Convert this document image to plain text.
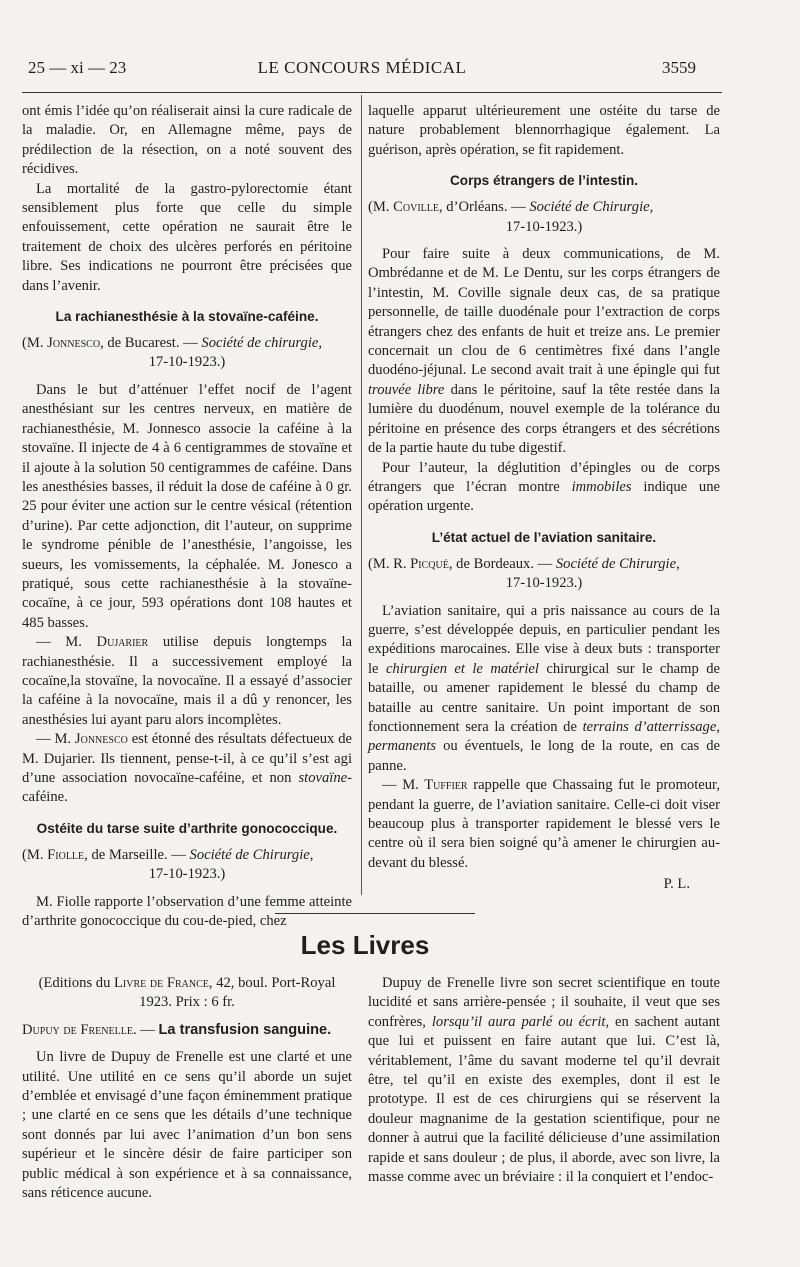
25 — xi — 23	LE CONCOURS MÉDICAL	3559

ont émis l’idée qu’on réaliserait ainsi la cure radicale de la maladie. Or, en Allemagne même, pays de prédilection de la résection, on a noté souvent des récidives.

La mortalité de la gastro-pylorectomie étant sensiblement plus forte que celle du simple enfouissement, cette opération ne saurait être le traitement de choix des ulcères perforés en péritoine libre. Ses indications ne pourront être précisées que dans l’avenir.

La rachianesthésie à la stovaïne-caféine.

(M. Jonnesco, de Bucarest. — Société de chirurgie,
17-10-1923.)

Dans le but d’atténuer l’effet nocif de l’agent anesthésiant sur les centres nerveux, en matière de rachianesthésie, M. Jonnesco associe la caféine à la stovaïne. Il injecte de 4 à 6 centigrammes de stovaïne et il ajoute à la solution 50 centigrammes de caféine. Dans les anesthésies basses, il réduit la dose de caféine à 0 gr. 25 pour éviter une action sur le centre vésical (rétention d’urine). Par cette adjonction, dit l’auteur, on supprime le syndrome pénible de l’anesthésie, l’angoisse, les sueurs, les vomissements, la céphalée. M. Jonesco a pratiqué, sous cette rachianesthésie à la stovaïne-cocaïne, à ce jour, 593 opérations dont 108 hautes et 485 basses.

— M. Dujarier utilise depuis longtemps la rachianesthésie. Il a successivement employé la cocaïne,la stovaïne, la novocaïne. Il a essayé d’associer la caféine à la novocaïne, mais il a dû y renoncer, les anesthésies lui ayant paru alors incomplètes.

— M. Jonnesco est étonné des résultats défectueux de M. Dujarier. Ils tiennent, pense-t-il, à ce qu’il s’est agi d’une association novocaïne-caféine, et non stovaïne-caféine.

Ostéite du tarse suite d’arthrite gonococcique.

(M. Fiolle, de Marseille. — Société de Chirurgie,
17-10-1923.)

M. Fiolle rapporte l’observation d’une femme atteinte d’arthrite gonococcique du cou-de-pied, chez

laquelle apparut ultérieurement une ostéite du tarse de nature probablement blennorrhagique également. La guérison, après opération, se fit rapidement.

Corps étrangers de l’intestin.

(M. Coville, d’Orléans. — Société de Chirurgie,
17-10-1923.)

Pour faire suite à deux communications, de M. Ombrédanne et de M. Le Dentu, sur les corps étrangers de l’intestin, M. Coville signale deux cas, de sa pratique personnelle, de taille duodénale pour l’extraction de corps étrangers chez des enfants de huit et treize ans. Le premier concernait un clou de 6 centimètres fixé dans l’angle duodéno-jéjunal. Le second avait trait à une épingle qui fut trouvée libre dans le péritoine, sauf la tête restée dans la lumière du duodénum, nouvel exemple de la tolérance du péritoine en présence des corps étrangers et des sécrétions de la partie haute du tube digestif.

Pour l’auteur, la déglutition d’épingles ou de corps étrangers que l’écran montre immobiles indique une opération urgente.

L’état actuel de l’aviation sanitaire.

(M. R. Picqué, de Bordeaux. — Société de Chirurgie,
17-10-1923.)

L’aviation sanitaire, qui a pris naissance au cours de la guerre, s’est développée depuis, en particulier pendant les expéditions marocaines. Elle vise à deux buts : transporter le chirurgien et le matériel chirurgical sur le champ de bataille, ou amener rapidement le blessé du champ de bataille au centre sanitaire. Un point important de son fonctionnement sera la création de terrains d’atterrissage, permanents ou éventuels, le long de la route, en cas de panne.

— M. Tuffier rappelle que Chassaing fut le promoteur, pendant la guerre, de l’aviation sanitaire. Celle-ci doit viser beaucoup plus à transporter rapidement le blessé vers le centre où il sera bien soigné qu’à amener le chirurgien au-devant du blessé.

P. L.
Les Livres

(Editions du Livre de France, 42, boul. Port-Royal 1923. Prix : 6 fr.

Dupuy de Frenelle. — La transfusion sanguine.

Un livre de Dupuy de Frenelle est une clarté et une utilité. Une utilité en ce sens qu’il aborde un sujet d’emblée et envisagé d’une façon éminemment pratique ; une clarté en ce sens que les détails d’une technique sont donnés par lui avec l’animation d’un bon sens supérieur et le sincère désir de faire participer son public médical à son expérience et à sa connaissance, sans réticence aucune.

Dupuy de Frenelle livre son secret scientifique en toute lucidité et sans arrière-pensée ; il souhaite, il veut que ses confrères, lorsqu’il aura parlé ou écrit, en sachent autant que lui et puissent en faire autant que lui. C’est là, véritablement, l’âme du savant moderne tel qu’il devrait être, tel qu’il en existe des exemples, dont il est le prototype. Il est de ces chirurgiens qui se réservent la douleur magnanime de la gestation scientifique, pour ne donner à autrui que la facilité délicieuse d’une assimilation rapide et sans douleur ; de plus, il aborde, avec son livre, la masse comme avec un bréviaire : il la conquiert et l’endoc-
